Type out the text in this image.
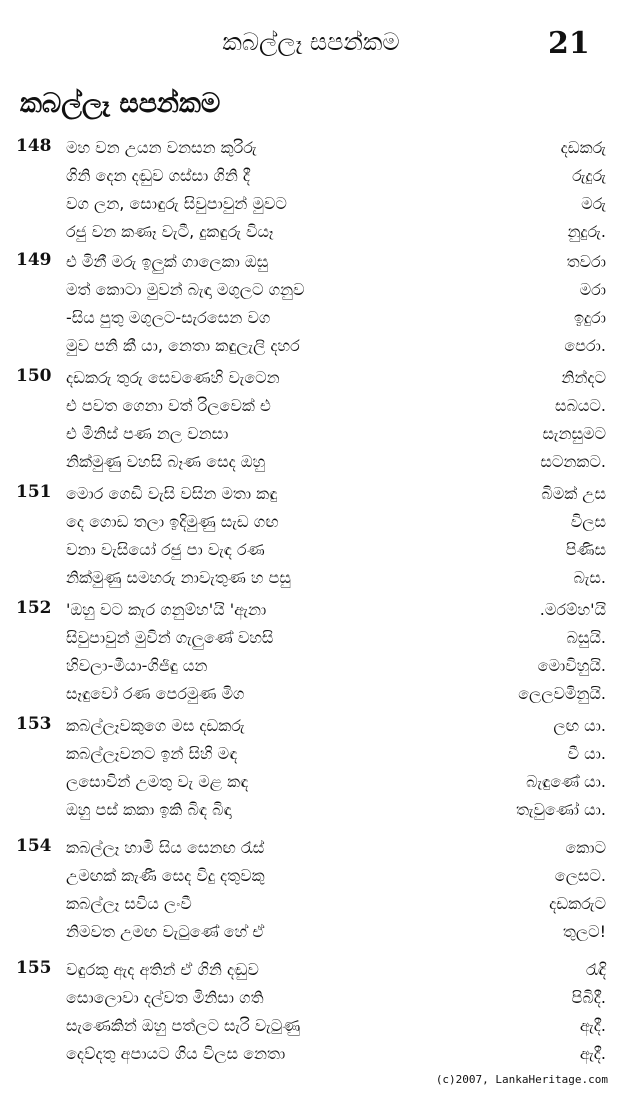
කබල්ලෑ සපන්කම	21
කබල්ලෑ සපන්කම
148 මහ වන උයන වනසන කුරිරු	දඩකරු
ගිනි දෙන දඬුව ගස්සා ගිනි දී	රුදුරු
වග ලන, සොඳුරු සිවුපාවුන් මුවට	මරු
රජු වන කණෑ වැටී, දුකඳුරු වියෑ	නුදුරු.
149 එ මිනී මරු ඉලුක් ගාලෙකා ඔසු	තවරා
මත් කොටා මුවන් බැඳා මගුලට ගනුව	මරා
-සිය පුතු මගුලට-සැරසෙන වග	ඉදුරා
මුව පනි කී යා, නෙතා කඳුලැලි දහර	පෙරා.
150 දඩකරු තුරු සෙවණෙහි වැටෙන	නින්දට
එ පවත ගෙනා වත් රිලවෙක් එ	සබයට.
එ මිනිස් පණ නල වනසා	සැනසුමට
නික්මුණු වහසි බෑණ සෙද ඔහු	සටනකට.
151 මොර ගෙඩි වැසි වසින මතා කඳු	බිමක් උස
දෙ ගොඩ තලා ඉදිමුණු සැඩ ගඟ	විලස
වනා වැසියෝ රජු පා වැඳ රණ	පිණිස
නික්මුණු සමහරු නාවැතුණ හ පසු	බැස.
152 'ඔහු වට කැර ගනුම්හ'යි 'ඇනා	.මරම්හ'යි
සිවුපාවුන් මුවින් ගැලුණේ වහසි	බසුයි.
හිවලා-මීයා-ගිජිඳු යන	මොවිහුයි.
සෑඳුවෝ රණ පෙරමුණ මිග	ලෙලවමිනුයි.
153 කබල්ලෑවකුගෙ මස දඩකරු	ලඟ යා.
කබල්ලෑවනට ඉන් සිහි මඳ	වී යා.
ලසොවින් උමතු වැ මළ කඳ	බැඳුණේ යා.
ඔහු පස් කකා ඉකි බිඳ බිඳා	තැවුණෝ යා.
154 කබල්ලෑ හාමි සිය සෙනඟ රැස්	කොට
උමඟක් කැණී සෙද විදු දතුවකු	ලෙසට.
කබල්ලෑ සවිය ලංවී	දඩකරුට
නිමවත උමඟ වැටුණේ හේ ඒ	තුලට!
155 වඳුරකු ඇද අතින් ඒ ගිනි දඬුව	රැඳි
සොලොවා දල්වත මිනිසා ගති	පිබිදී.
සැණෙකින් ඔහු පත්ලට සැරි වැටුණු	ඇදී.
දෙව්දතු අපායට ගිය විලස නෙතා	ඇදී.
(c)2007, LankaHeritage.com
